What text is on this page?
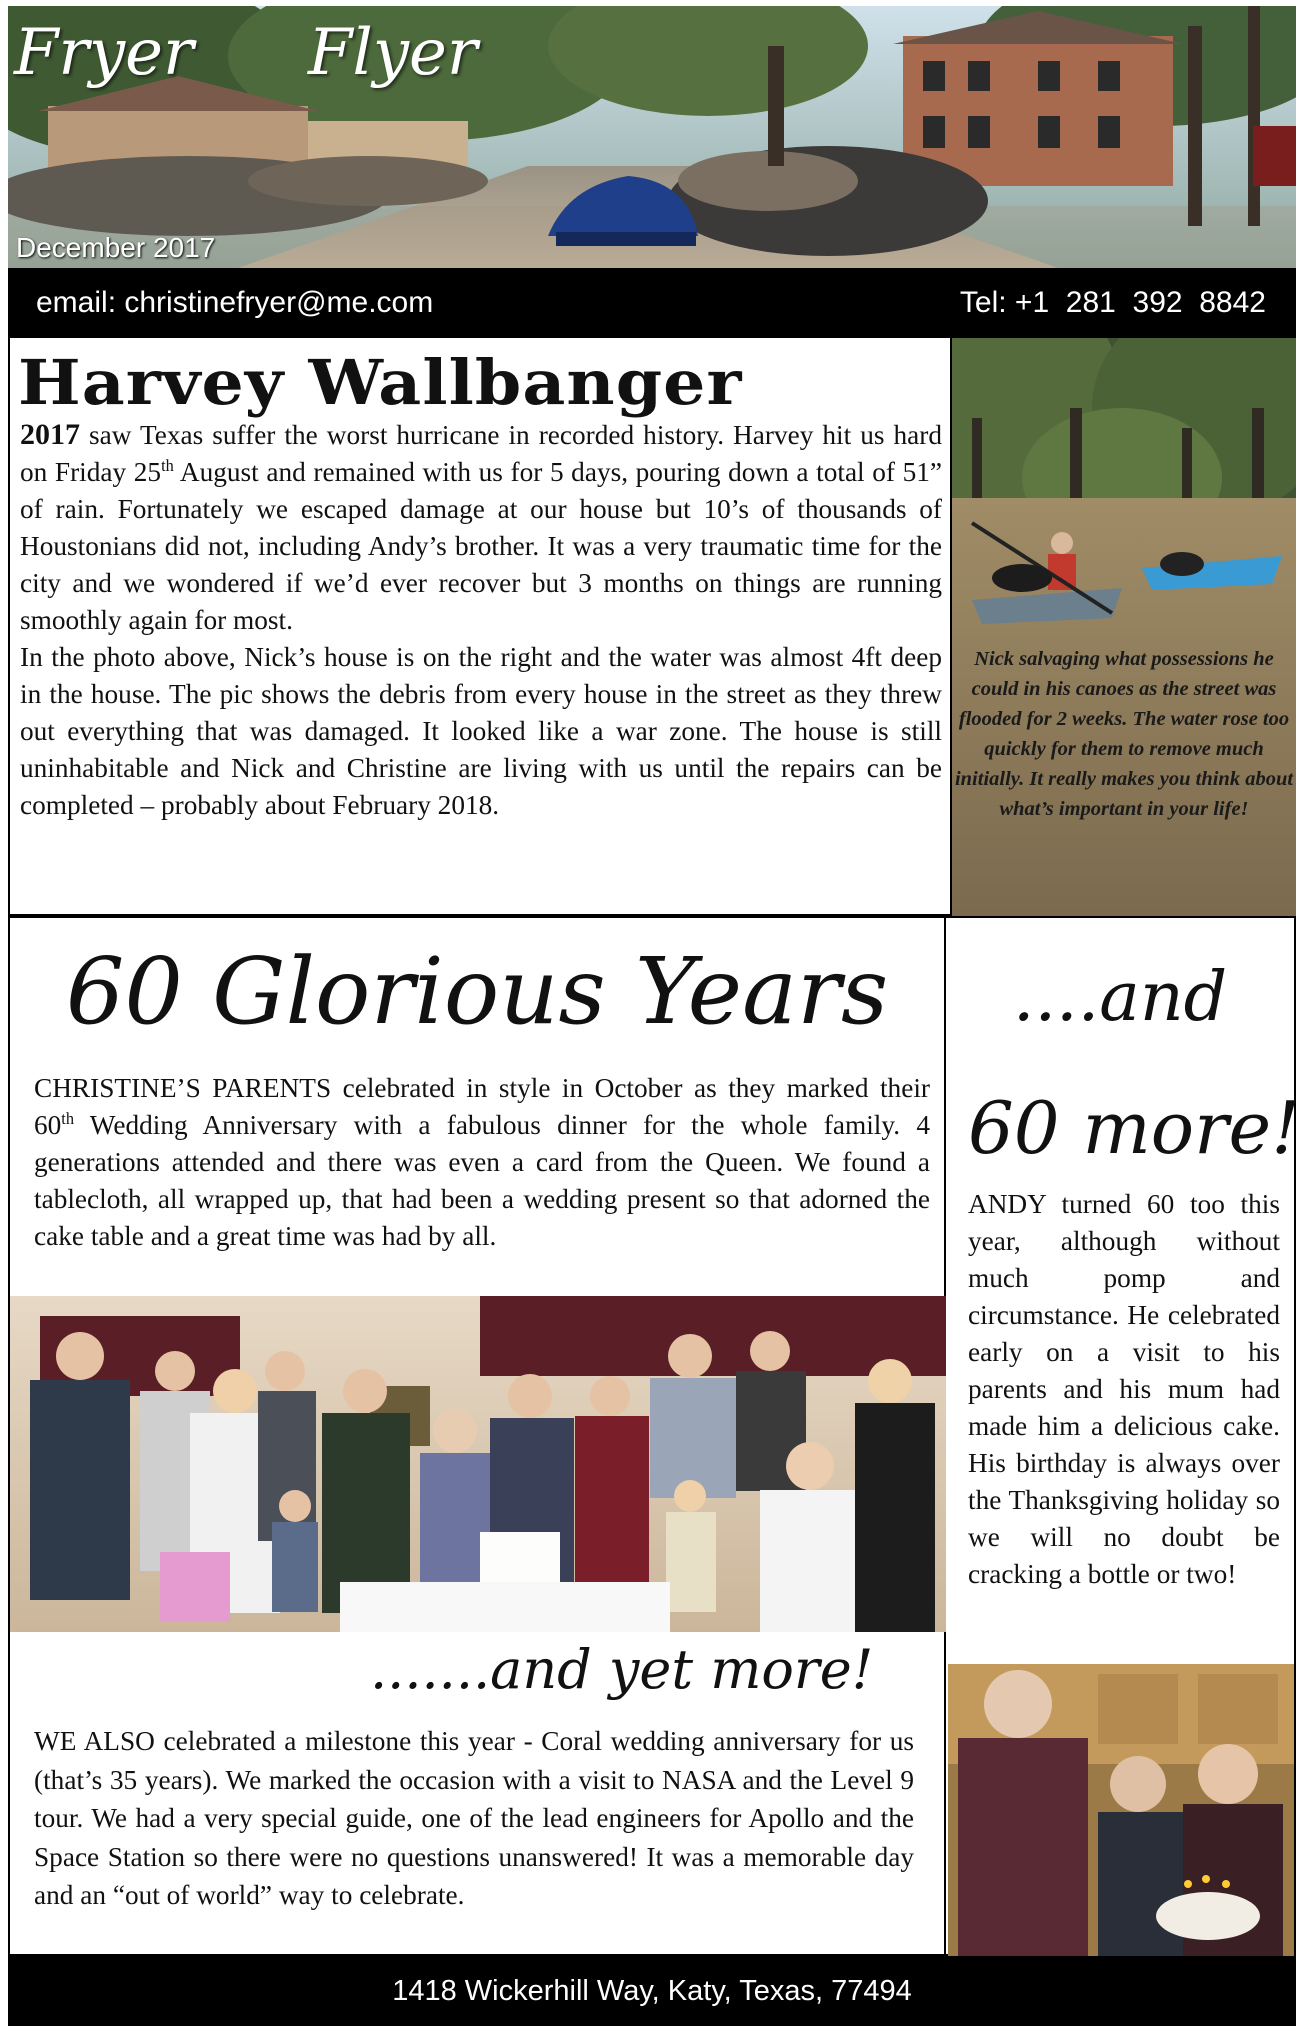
Fryer Flyer
December 2017
email: christinefryer@me.com	Tel: +1  281  392  8842
Harvey Wallbanger

2017 saw Texas suffer the worst hurricane in recorded history. Harvey hit us hard on Friday 25th August and remained with us for 5 days, pouring down a total of 51” of rain. Fortunately we escaped damage at our house but 10’s of thousands of Houstonians did not, including Andy’s brother. It was a very traumatic time for the city and we wondered if we’d ever recover but 3 months on things are running smoothly again for most.

In the photo above, Nick’s house is on the right and the water was almost 4ft deep in the house. The pic shows the debris from every house in the street as they threw out everything that was damaged. It looked like a war zone. The house is still uninhabitable and Nick and Christine are living with us until the repairs can be completed – probably about February 2018.

Nick salvaging what possessions he could in his canoes as the street was flooded for 2 weeks. The water rose too quickly for them to remove much initially. It really makes you think about what’s important in your life!
60 Glorious Years

CHRISTINE’S PARENTS celebrated in style in October as they marked their 60th Wedding Anniversary with a fabulous dinner for the whole family. 4 generations attended and there was even a card from the Queen. We found a tablecloth, all wrapped up, that had been a wedding present so that adorned the cake table and a great time was had by all.

.......and yet more!

WE ALSO celebrated a milestone this year - Coral wedding anniversary for us (that’s 35 years). We marked the occasion with a visit to NASA and the Level 9 tour. We had a very special guide, one of the lead engineers for Apollo and the Space Station so there were no questions unanswered! It was a memorable day and an “out of world” way to celebrate.

....and
60 more!

ANDY turned 60 too this year, although without much pomp and circumstance. He celebrated early on a visit to his parents and his mum had made him a delicious cake. His birthday is always over the Thanksgiving holiday so we will no doubt be cracking a bottle or two!

1418 Wickerhill Way, Katy, Texas, 77494
